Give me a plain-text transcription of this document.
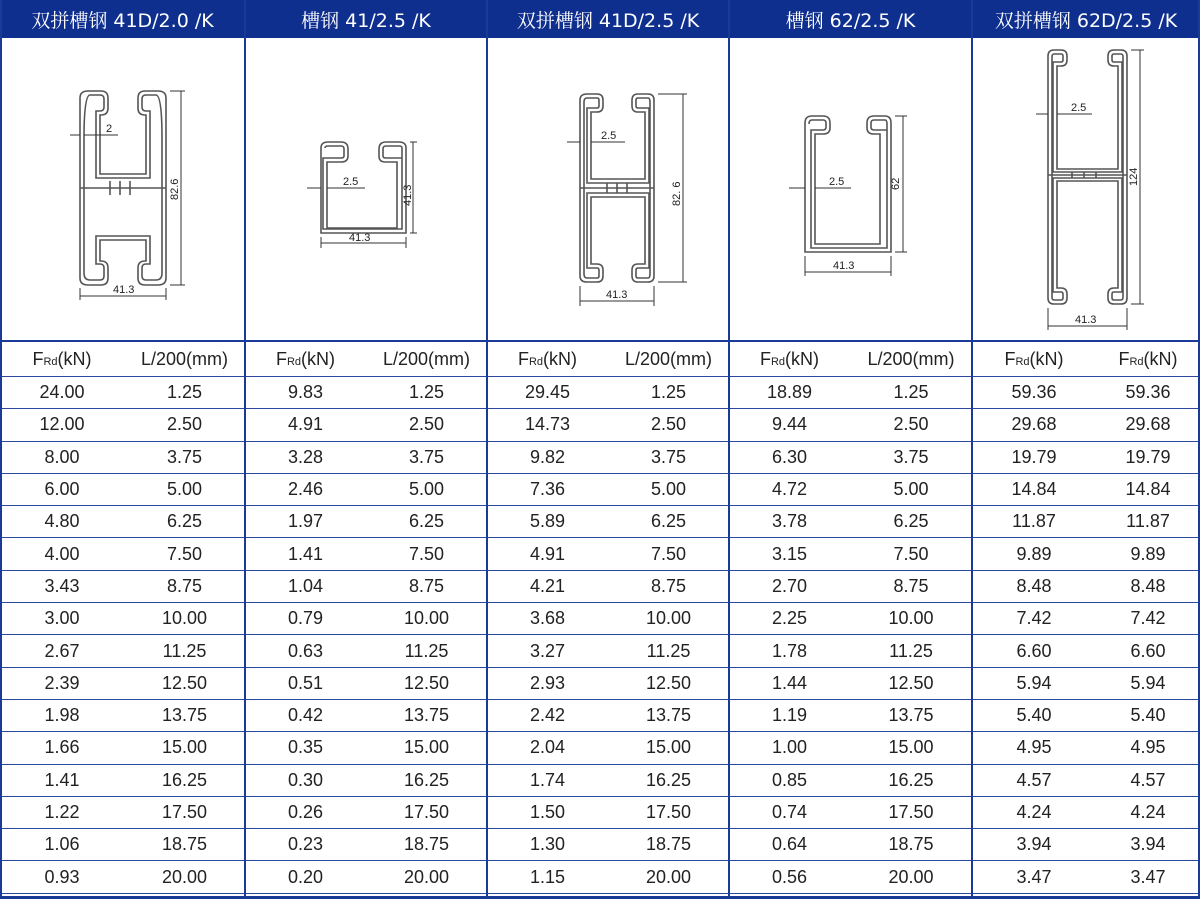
双拼槽钢 41D/2.0 /K	槽钢 41/2.5 /K	双拼槽钢 41D/2.5 /K	槽钢 62/2.5 /K	双拼槽钢 62D/2.5 /K
2
41.3
82.6	2.5
41.3
41.3
2.5
41.3
82. 6	2.5
41.3
62
2.5
41.3
124
FRd(kN)	L/200(mm)	FRd(kN)	L/200(mm)	FRd(kN)	L/200(mm)	FRd(kN)	L/200(mm)	FRd(kN)	FRd(kN)
24.00	1.25	9.83	1.25	29.45	1.25	18.89	1.25	59.36	59.36
12.00	2.50	4.91	2.50	14.73	2.50	9.44	2.50	29.68	29.68
8.00	3.75	3.28	3.75	9.82	3.75	6.30	3.75	19.79	19.79
6.00	5.00	2.46	5.00	7.36	5.00	4.72	5.00	14.84	14.84
4.80	6.25	1.97	6.25	5.89	6.25	3.78	6.25	11.87	11.87
4.00	7.50	1.41	7.50	4.91	7.50	3.15	7.50	9.89	9.89
3.43	8.75	1.04	8.75	4.21	8.75	2.70	8.75	8.48	8.48
3.00	10.00	0.79	10.00	3.68	10.00	2.25	10.00	7.42	7.42
2.67	11.25	0.63	11.25	3.27	11.25	1.78	11.25	6.60	6.60
2.39	12.50	0.51	12.50	2.93	12.50	1.44	12.50	5.94	5.94
1.98	13.75	0.42	13.75	2.42	13.75	1.19	13.75	5.40	5.40
1.66	15.00	0.35	15.00	2.04	15.00	1.00	15.00	4.95	4.95
1.41	16.25	0.30	16.25	1.74	16.25	0.85	16.25	4.57	4.57
1.22	17.50	0.26	17.50	1.50	17.50	0.74	17.50	4.24	4.24
1.06	18.75	0.23	18.75	1.30	18.75	0.64	18.75	3.94	3.94
0.93	20.00	0.20	20.00	1.15	20.00	0.56	20.00	3.47	3.47
